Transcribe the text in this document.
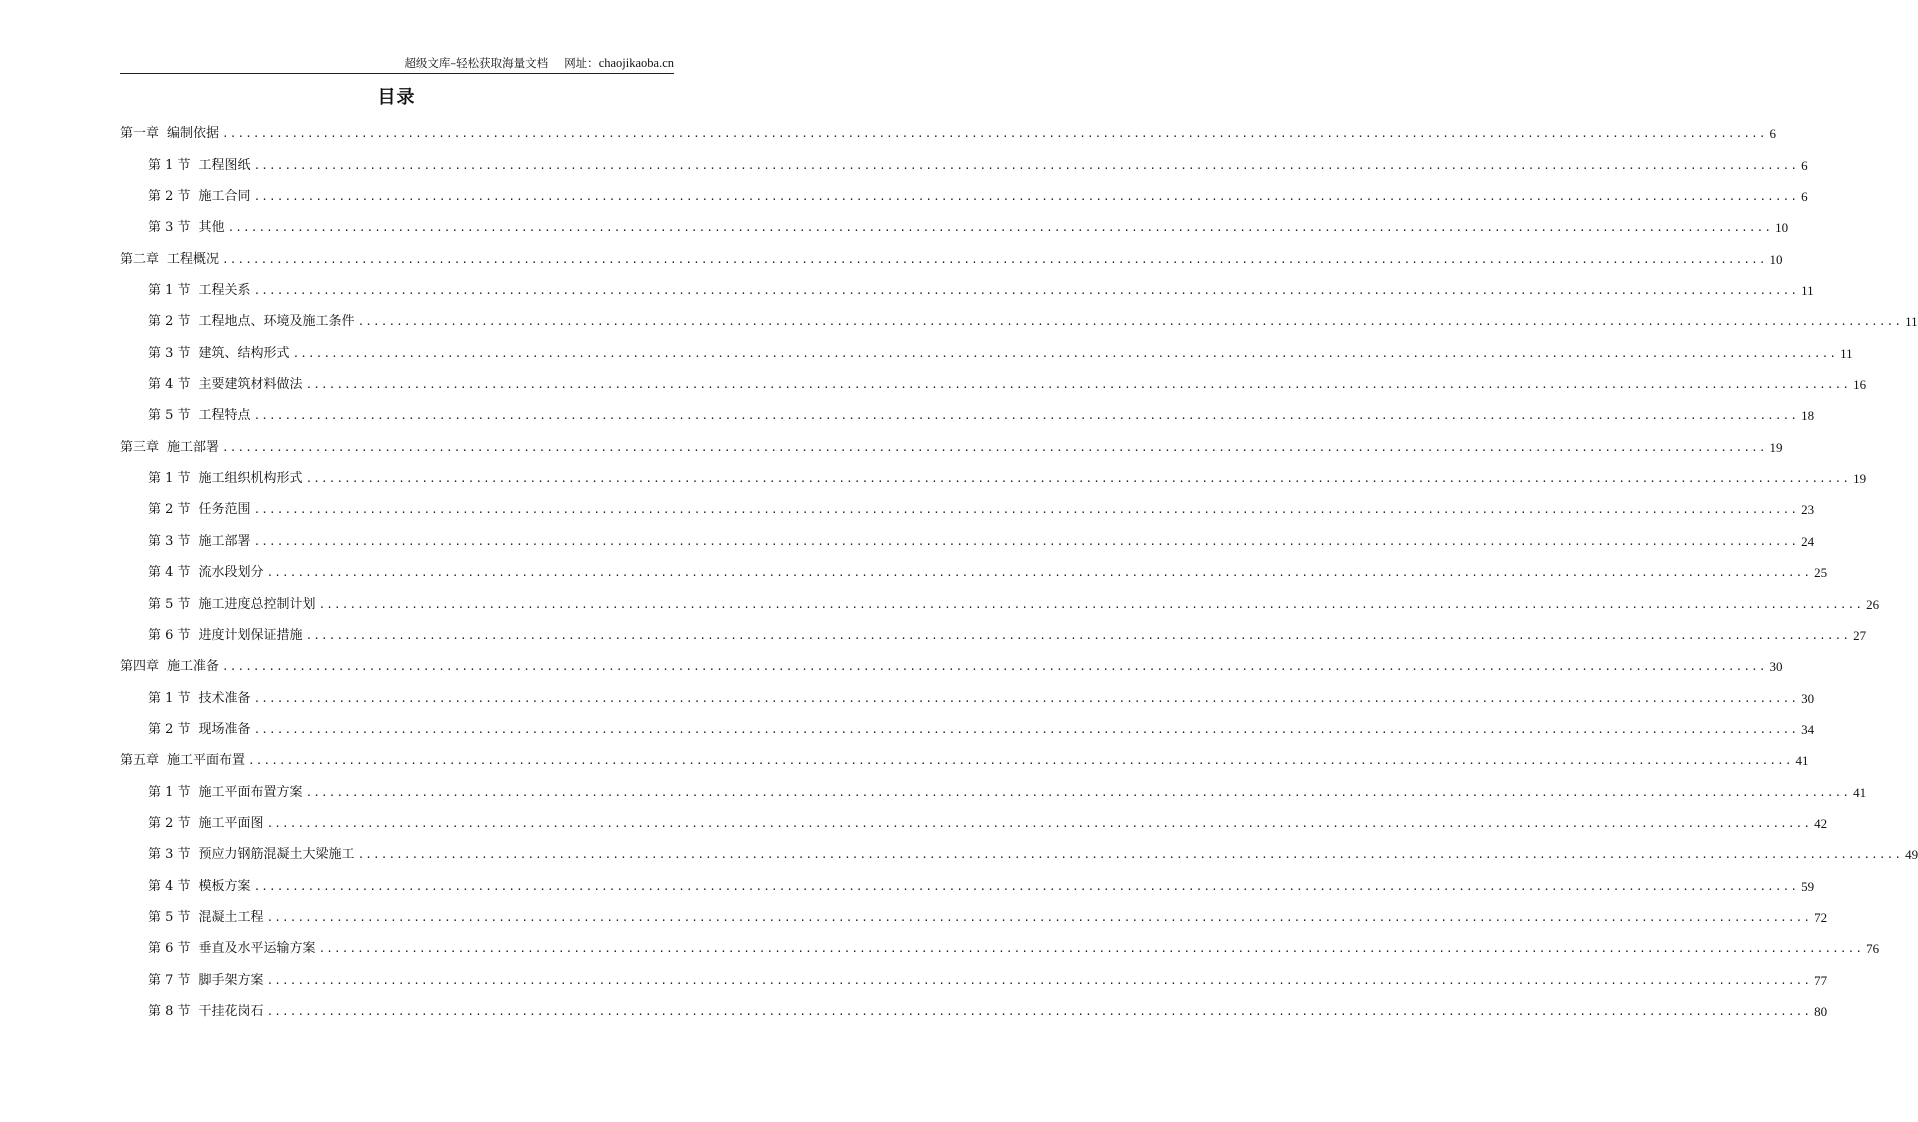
超级文库–轻松获取海量文档 网址：chaojikaoba.cn
目录
第一章 编制依据 ........................................................................................................................................................................................................ 6
第 1 节 工程图纸 ........................................................................................................................................................................................................ 6
第 2 节 施工合同 ........................................................................................................................................................................................................ 6
第 3 节 其他 ........................................................................................................................................................................................................ 10
第二章 工程概况 ........................................................................................................................................................................................................ 10
第 1 节 工程关系 ........................................................................................................................................................................................................ 11
第 2 节 工程地点、环境及施工条件 ........................................................................................................................................................................................................ 11
第 3 节 建筑、结构形式 ........................................................................................................................................................................................................ 11
第 4 节 主要建筑材料做法 ........................................................................................................................................................................................................ 16
第 5 节 工程特点 ........................................................................................................................................................................................................ 18
第三章 施工部署 ........................................................................................................................................................................................................ 19
第 1 节 施工组织机构形式 ........................................................................................................................................................................................................ 19
第 2 节 任务范围 ........................................................................................................................................................................................................ 23
第 3 节 施工部署 ........................................................................................................................................................................................................ 24
第 4 节 流水段划分 ........................................................................................................................................................................................................ 25
第 5 节 施工进度总控制计划 ........................................................................................................................................................................................................ 26
第 6 节 进度计划保证措施 ........................................................................................................................................................................................................ 27
第四章 施工准备 ........................................................................................................................................................................................................ 30
第 1 节 技术准备 ........................................................................................................................................................................................................ 30
第 2 节 现场准备 ........................................................................................................................................................................................................ 34
第五章 施工平面布置 ........................................................................................................................................................................................................ 41
第 1 节 施工平面布置方案 ........................................................................................................................................................................................................ 41
第 2 节 施工平面图 ........................................................................................................................................................................................................ 42
第 3 节 预应力钢筋混凝土大梁施工 ........................................................................................................................................................................................................ 49
第 4 节 模板方案 ........................................................................................................................................................................................................ 59
第 5 节 混凝土工程 ........................................................................................................................................................................................................ 72
第 6 节 垂直及水平运输方案 ........................................................................................................................................................................................................ 76
第 7 节 脚手架方案 ........................................................................................................................................................................................................ 77
第 8 节 干挂花岗石 ........................................................................................................................................................................................................ 80
